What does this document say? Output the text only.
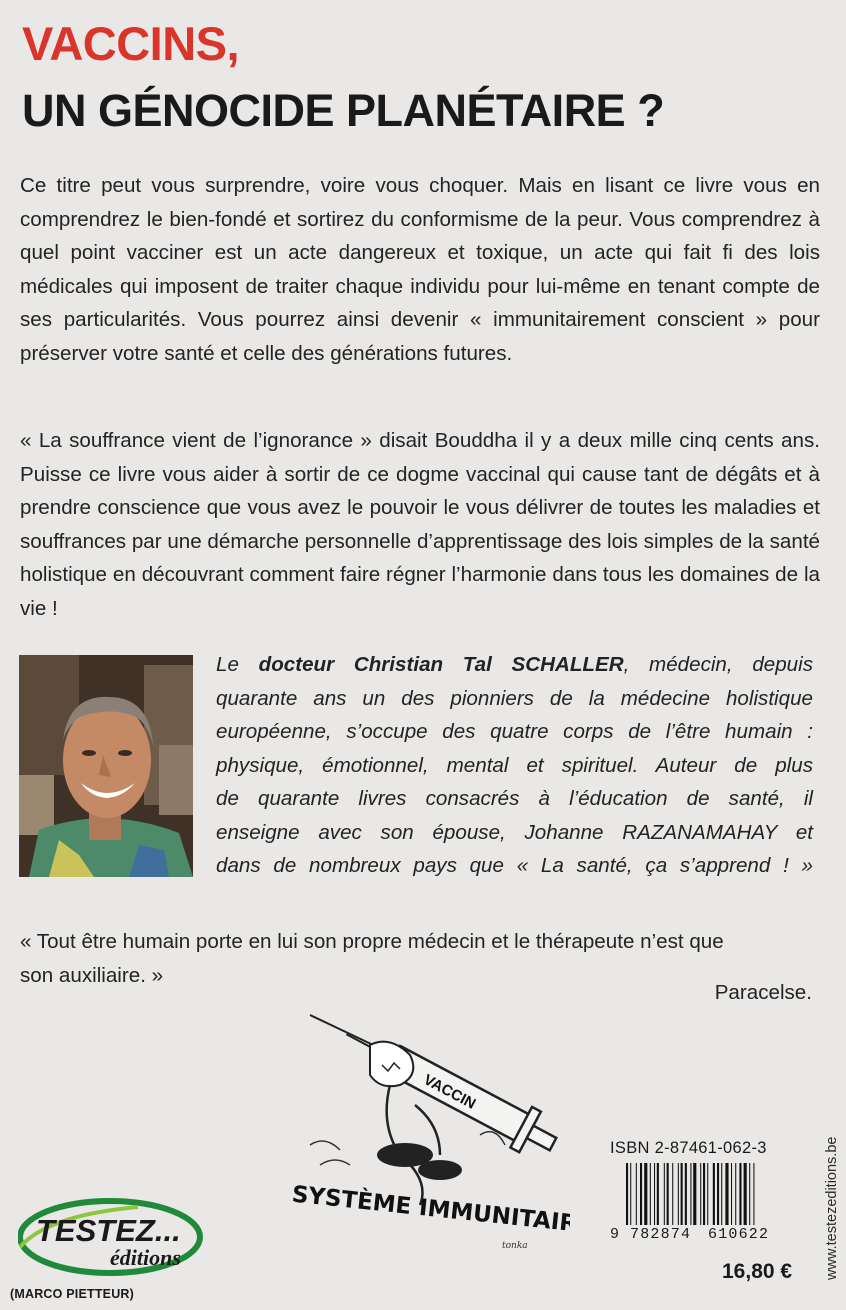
VACCINS,
UN GÉNOCIDE PLANÉTAIRE ?
Ce titre peut vous surprendre, voire vous choquer. Mais en lisant ce livre vous en comprendrez le bien-fondé et sortirez du conformisme de la peur. Vous comprendrez à quel point vacciner est un acte dangereux et toxique, un acte qui fait fi des lois médicales qui imposent de traiter chaque individu pour lui-même en tenant compte de ses particularités. Vous pourrez ainsi devenir « immunitairement conscient » pour préserver votre santé et celle des générations futures.
« La souffrance vient de l’ignorance » disait Bouddha il y a deux mille cinq cents ans. Puisse ce livre vous aider à sortir de ce dogme vaccinal qui cause tant de dégâts et à prendre conscience que vous avez le pouvoir le vous délivrer de toutes les maladies et souffrances par une démarche personnelle d’apprentissage des lois simples de la santé holistique en découvrant comment faire régner l’harmonie dans tous les domaines de la vie !
Le docteur Christian Tal SCHALLER, médecin, depuis
quarante ans un des pionniers de la médecine holistique
européenne, s’occupe des quatre corps de l’être humain :
physique, émotionnel, mental et spirituel. Auteur de plus
de quarante livres consacrés à l’éducation de santé, il
enseigne avec son épouse, Johanne RAZANAMAHAY et
dans de nombreux pays que « La santé, ça s’apprend ! »
« Tout être humain porte en lui son propre médecin et le thérapeute n’est que
son auxiliaire. »
Paracelse.
VACCIN
SYSTÈME IMMUNITAIRE
tonka
TESTEZ...
éditions
(MARCO PIETTEUR)
ISBN 2-87461-062-3
9 782874 610622
16,80 € www.testezeditions.be
